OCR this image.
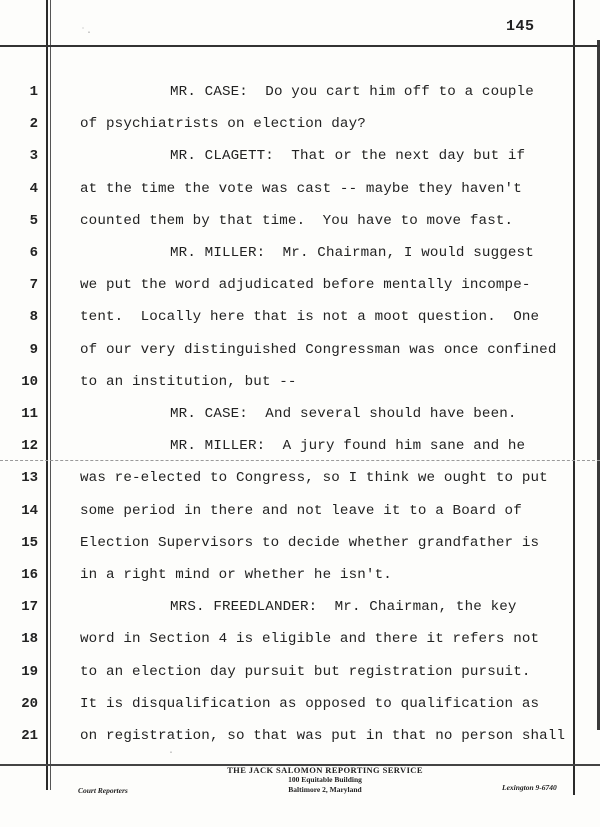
145
1	MR. CASE:  Do you cart him off to a couple
2	of psychiatrists on election day?
3	MR. CLAGETT:  That or the next day but if
4	at the time the vote was cast -- maybe they haven't
5	counted them by that time.  You have to move fast.
6	MR. MILLER:  Mr. Chairman, I would suggest
7	we put the word adjudicated before mentally incompe-
8	tent.  Locally here that is not a moot question.  One
9	of our very distinguished Congressman was once confined
10	to an institution, but --
11	MR. CASE:  And several should have been.
12	MR. MILLER:  A jury found him sane and he
13	was re-elected to Congress, so I think we ought to put
14	some period in there and not leave it to a Board of
15	Election Supervisors to decide whether grandfather is
16	in a right mind or whether he isn't.
17	MRS. FREEDLANDER:  Mr. Chairman, the key
18	word in Section 4 is eligible and there it refers not
19	to an election day pursuit but registration pursuit.
20	It is disqualification as opposed to qualification as
21	on registration, so that was put in that no person shall
Court Reporters
THE JACK SALOMON REPORTING SERVICE
100 Equitable Building
Baltimore 2, Maryland	Lexington 9-6740
˙·
·
